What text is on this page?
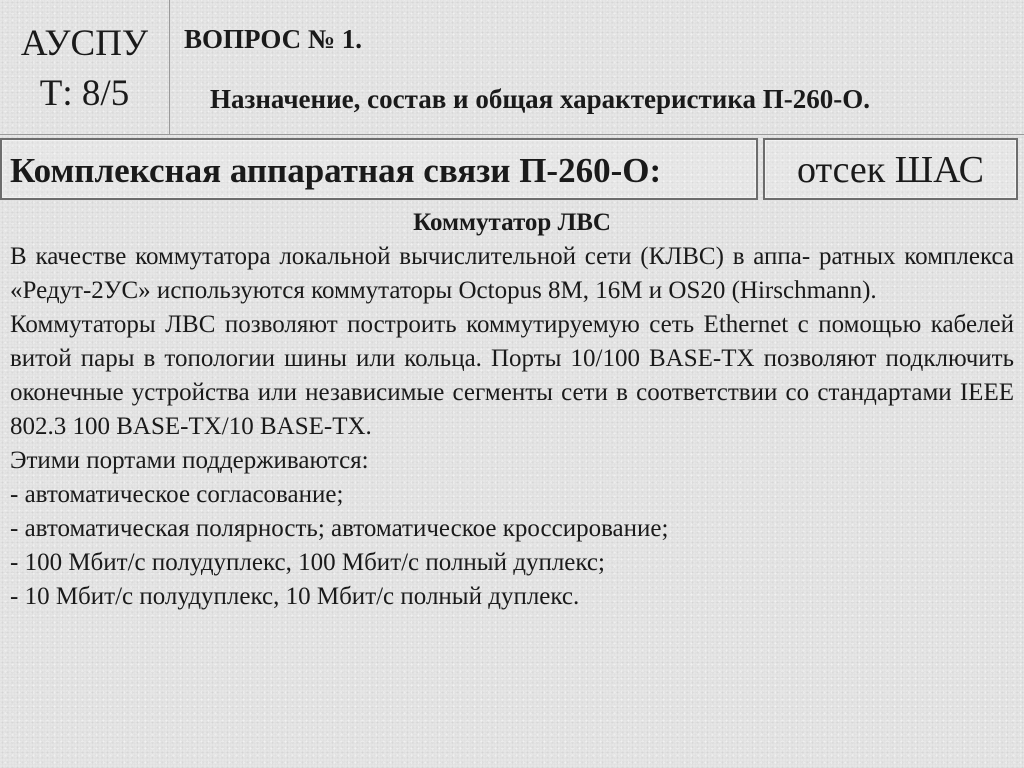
АУСПУ
Т: 8/5
ВОПРОС № 1.
Назначение, состав и общая характеристика П-260-О.
Комплексная аппаратная связи П-260-О:	отсек ШАС

Коммутатор ЛВС

В качестве коммутатора локальной вычислительной сети (КЛВС) в аппа- ратных комплекса «Редут-2УС» используются коммутаторы Octopus 8M, 16M и OS20 (Hirschmann).

Коммутаторы ЛВС позволяют построить коммутируемую сеть Ethernet с помощью кабелей витой пары в топологии шины или кольца. Порты 10/100 BASE-TX позволяют подключить оконечные устройства или независимые сегменты сети в соответствии со стандартами IEEE 802.3 100 BASE-TX/10 BASE-TX.

Этими портами поддерживаются:

- автоматическое согласование;

- автоматическая полярность; автоматическое кроссирование;

- 100 Мбит/с полудуплекс, 100 Мбит/с полный дуплекс;

- 10 Мбит/с полудуплекс, 10 Мбит/с полный дуплекс.
